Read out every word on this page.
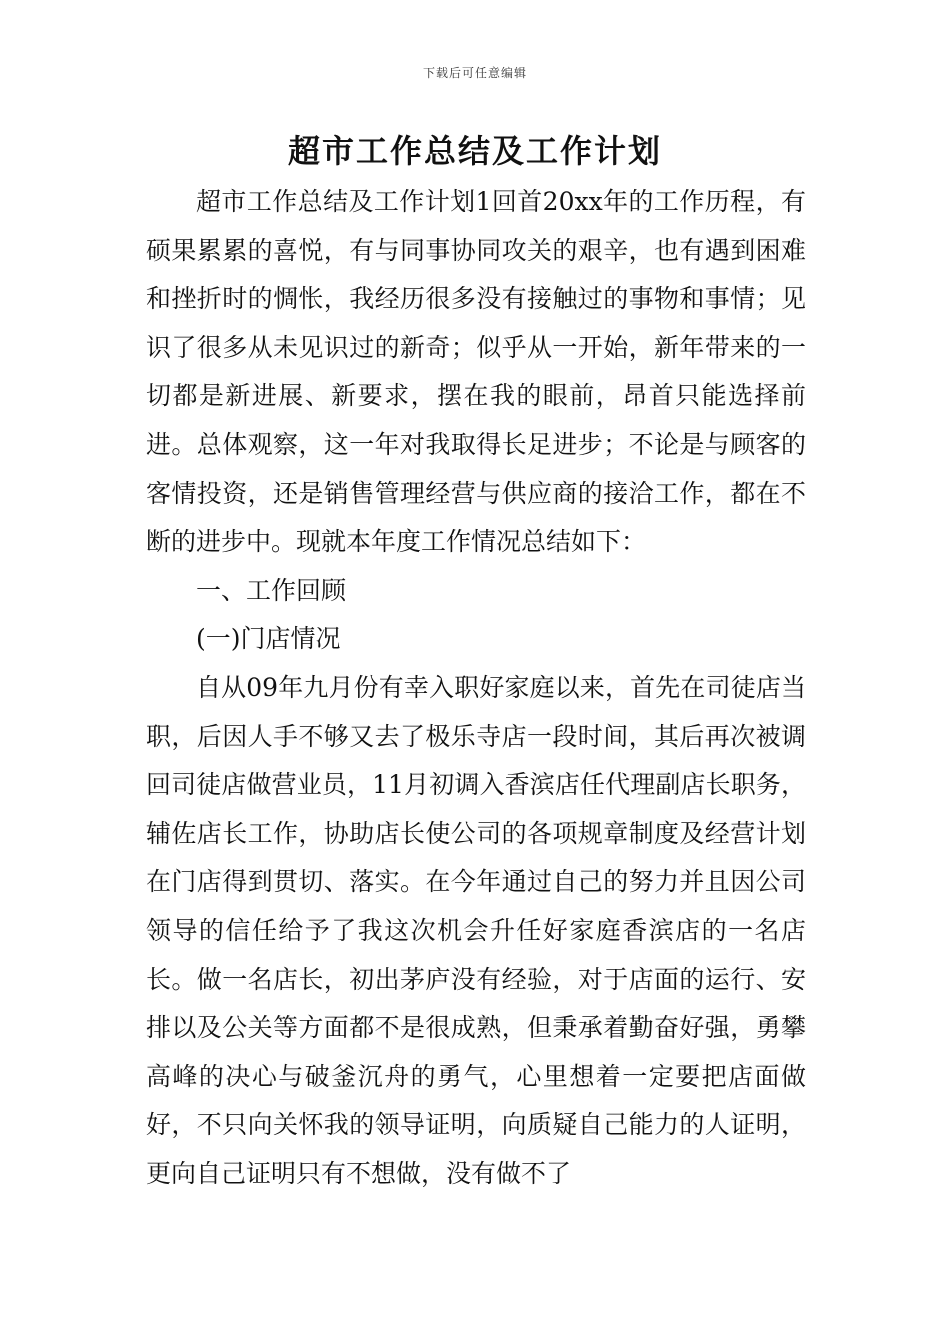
下载后可任意编辑
超市工作总结及工作计划

超市工作总结及工作计划1回首20xx年的工作历程，有硕果累累的喜悦，有与同事协同攻关的艰辛，也有遇到困难和挫折时的惆怅，我经历很多没有接触过的事物和事情；见识了很多从未见识过的新奇；似乎从一开始，新年带来的一切都是新进展、新要求，摆在我的眼前，昂首只能选择前进。总体观察，这一年对我取得长足进步；不论是与顾客的客情投资，还是销售管理经营与供应商的接洽工作，都在不断的进步中。现就本年度工作情况总结如下：

一、工作回顾

(一)门店情况

自从09年九月份有幸入职好家庭以来，首先在司徒店当职，后因人手不够又去了极乐寺店一段时间，其后再次被调回司徒店做营业员，11月初调入香滨店任代理副店长职务，辅佐店长工作，协助店长使公司的各项规章制度及经营计划在门店得到贯切、落实。在今年通过自己的努力并且因公司领导的信任给予了我这次机会升任好家庭香滨店的一名店长。做一名店长，初出茅庐没有经验，对于店面的运行、安排以及公关等方面都不是很成熟，但秉承着勤奋好强，勇攀高峰的决心与破釜沉舟的勇气，心里想着一定要把店面做好，不只向关怀我的领导证明，向质疑自己能力的人证明，更向自己证明只有不想做，没有做不了
